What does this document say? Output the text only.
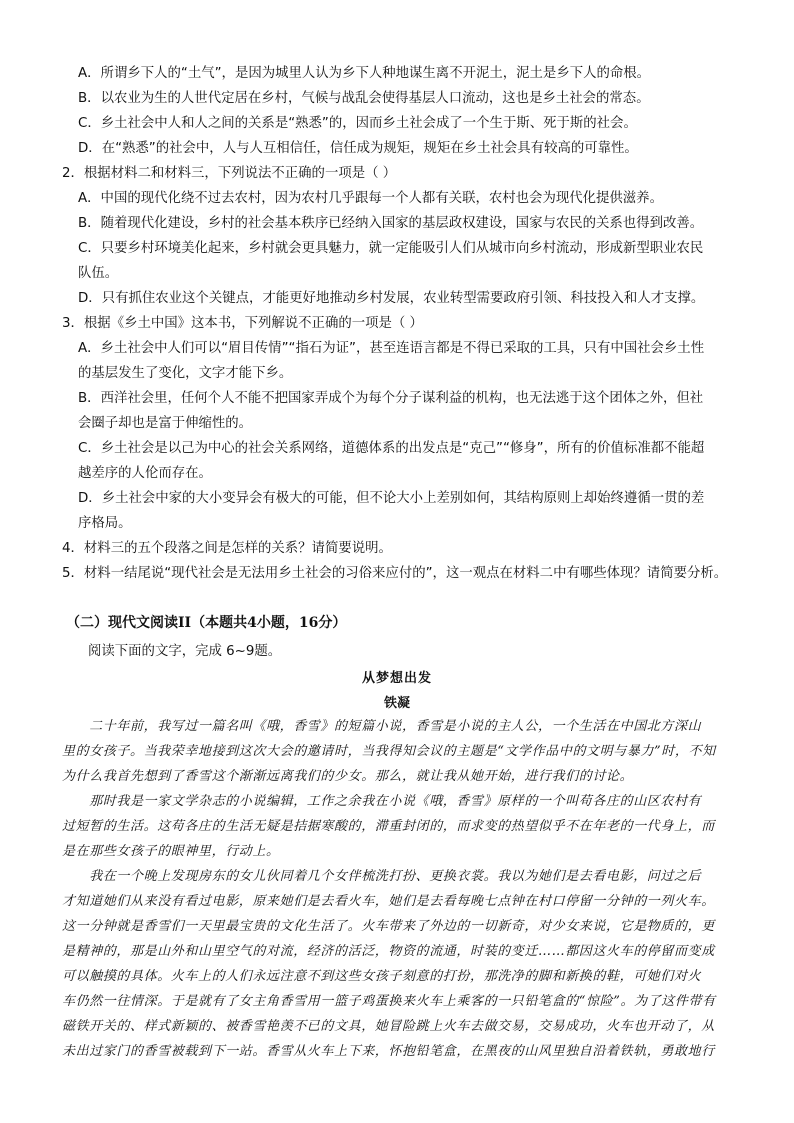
A．所谓乡下人的“土气”，是因为城里人认为乡下人种地谋生离不开泥土，泥土是乡下人的命根。
B．以农业为生的人世代定居在乡村，气候与战乱会使得基层人口流动，这也是乡土社会的常态。
C．乡土社会中人和人之间的关系是“熟悉”的，因而乡土社会成了一个生于斯、死于斯的社会。
D．在“熟悉”的社会中，人与人互相信任，信任成为规矩，规矩在乡土社会具有较高的可靠性。
2．根据材料二和材料三，下列说法不正确的一项是（ ）
A．中国的现代化绕不过去农村，因为农村几乎跟每一个人都有关联，农村也会为现代化提供滋养。
B．随着现代化建设，乡村的社会基本秩序已经纳入国家的基层政权建设，国家与农民的关系也得到改善。
C．只要乡村环境美化起来，乡村就会更具魅力，就一定能吸引人们从城市向乡村流动，形成新型职业农民
队伍。
D．只有抓住农业这个关键点，才能更好地推动乡村发展，农业转型需要政府引领、科技投入和人才支撑。
3．根据《乡土中国》这本书，下列解说不正确的一项是（ ）
A．乡土社会中人们可以“眉目传情”“指石为证”，甚至连语言都是不得已采取的工具，只有中国社会乡土性
的基层发生了变化，文字才能下乡。
B．西洋社会里，任何个人不能不把国家弄成个为每个分子谋利益的机构，也无法逃于这个团体之外，但社
会圈子却也是富于伸缩性的。
C．乡土社会是以己为中心的社会关系网络，道德体系的出发点是“克己”“修身”，所有的价值标准都不能超
越差序的人伦而存在。
D．乡土社会中家的大小变异会有极大的可能，但不论大小上差别如何，其结构原则上却始终遵循一贯的差
序格局。
4．材料三的五个段落之间是怎样的关系？请简要说明。
5．材料一结尾说“现代社会是无法用乡土社会的习俗来应付的”，这一观点在材料二中有哪些体现？请简要分析。
（二）现代文阅读II（本题共4小题，16分）
阅读下面的文字，完成 6~9题。
从梦想出发
铁凝
　　二十年前，我写过一篇名叫《哦，香雪》的短篇小说，香雪是小说的主人公，一个生活在中国北方深山
里的女孩子。当我荣幸地接到这次大会的邀请时，当我得知会议的主题是“文学作品中的文明与暴力”时，不知
为什么我首先想到了香雪这个渐渐远离我们的少女。那么，就让我从她开始，进行我们的讨论。
　　那时我是一家文学杂志的小说编辑，工作之余我在小说《哦，香雪》原样的一个叫苟各庄的山区农村有
过短暂的生活。这苟各庄的生活无疑是拮据寒酸的，滞重封闭的，而求变的热望似乎不在年老的一代身上，而
是在那些女孩子的眼神里，行动上。
　　我在一个晚上发现房东的女儿伙同着几个女伴梳洗打扮、更换衣裳。我以为她们是去看电影，问过之后
才知道她们从来没有看过电影，原来她们是去看火车，她们是去看每晚七点钟在村口停留一分钟的一列火车。
这一分钟就是香雪们一天里最宝贵的文化生活了。火车带来了外边的一切新奇，对少女来说，它是物质的，更
是精神的，那是山外和山里空气的对流，经济的活泛，物资的流通，时装的变迁……都因这火车的停留而变成
可以触摸的具体。火车上的人们永远注意不到这些女孩子刻意的打扮，那洗净的脚和新换的鞋，可她们对火
车仍然一往情深。于是就有了女主角香雪用一篮子鸡蛋换来火车上乘客的一只铅笔盒的“惊险”。为了这件带有
磁铁开关的、样式新颖的、被香雪艳羡不已的文具，她冒险跳上火车去做交易，交易成功，火车也开动了，从
未出过家门的香雪被载到下一站。香雪从火车上下来，怀抱铅笔盒，在黑夜的山风里独自沿着铁轨，勇敢地行
